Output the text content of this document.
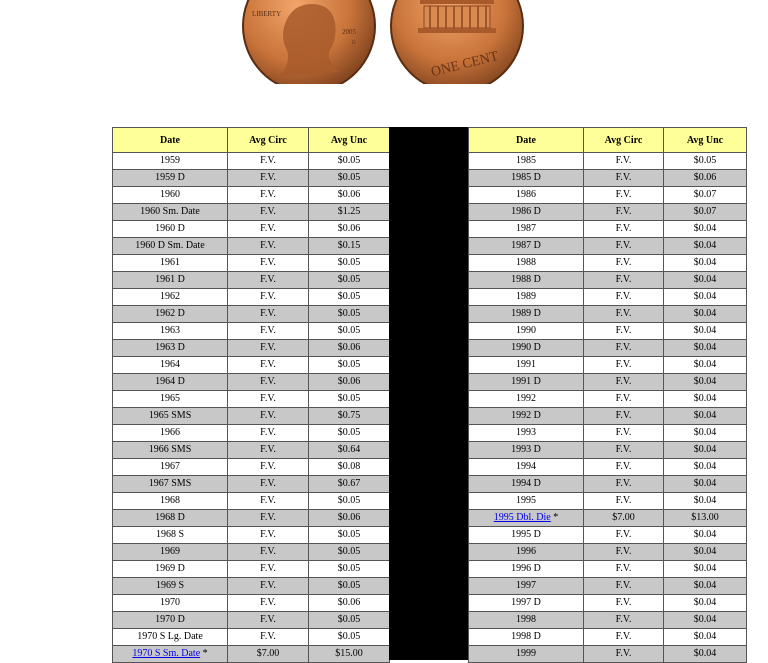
LIBERTY
2005
D
ONE CENT
Date	Avg Circ	Avg Unc
1959	F.V.	$0.05
1959 D	F.V.	$0.05
1960	F.V.	$0.06
1960 Sm. Date	F.V.	$1.25
1960 D	F.V.	$0.06
1960 D Sm. Date	F.V.	$0.15
1961	F.V.	$0.05
1961 D	F.V.	$0.05
1962	F.V.	$0.05
1962 D	F.V.	$0.05
1963	F.V.	$0.05
1963 D	F.V.	$0.06
1964	F.V.	$0.05
1964 D	F.V.	$0.06
1965	F.V.	$0.05
1965 SMS	F.V.	$0.75
1966	F.V.	$0.05
1966 SMS	F.V.	$0.64
1967	F.V.	$0.08
1967 SMS	F.V.	$0.67
1968	F.V.	$0.05
1968 D	F.V.	$0.06
1968 S	F.V.	$0.05
1969	F.V.	$0.05
1969 D	F.V.	$0.05
1969 S	F.V.	$0.05
1970	F.V.	$0.06
1970 D	F.V.	$0.05
1970 S Lg. Date	F.V.	$0.05
1970 S Sm. Date *	$7.00	$15.00
Date	Avg Circ	Avg Unc
1985	F.V.	$0.05
1985 D	F.V.	$0.06
1986	F.V.	$0.07
1986 D	F.V.	$0.07
1987	F.V.	$0.04
1987 D	F.V.	$0.04
1988	F.V.	$0.04
1988 D	F.V.	$0.04
1989	F.V.	$0.04
1989 D	F.V.	$0.04
1990	F.V.	$0.04
1990 D	F.V.	$0.04
1991	F.V.	$0.04
1991 D	F.V.	$0.04
1992	F.V.	$0.04
1992 D	F.V.	$0.04
1993	F.V.	$0.04
1993 D	F.V.	$0.04
1994	F.V.	$0.04
1994 D	F.V.	$0.04
1995	F.V.	$0.04
1995 Dbl. Die *	$7.00	$13.00
1995 D	F.V.	$0.04
1996	F.V.	$0.04
1996 D	F.V.	$0.04
1997	F.V.	$0.04
1997 D	F.V.	$0.04
1998	F.V.	$0.04
1998 D	F.V.	$0.04
1999	F.V.	$0.04
